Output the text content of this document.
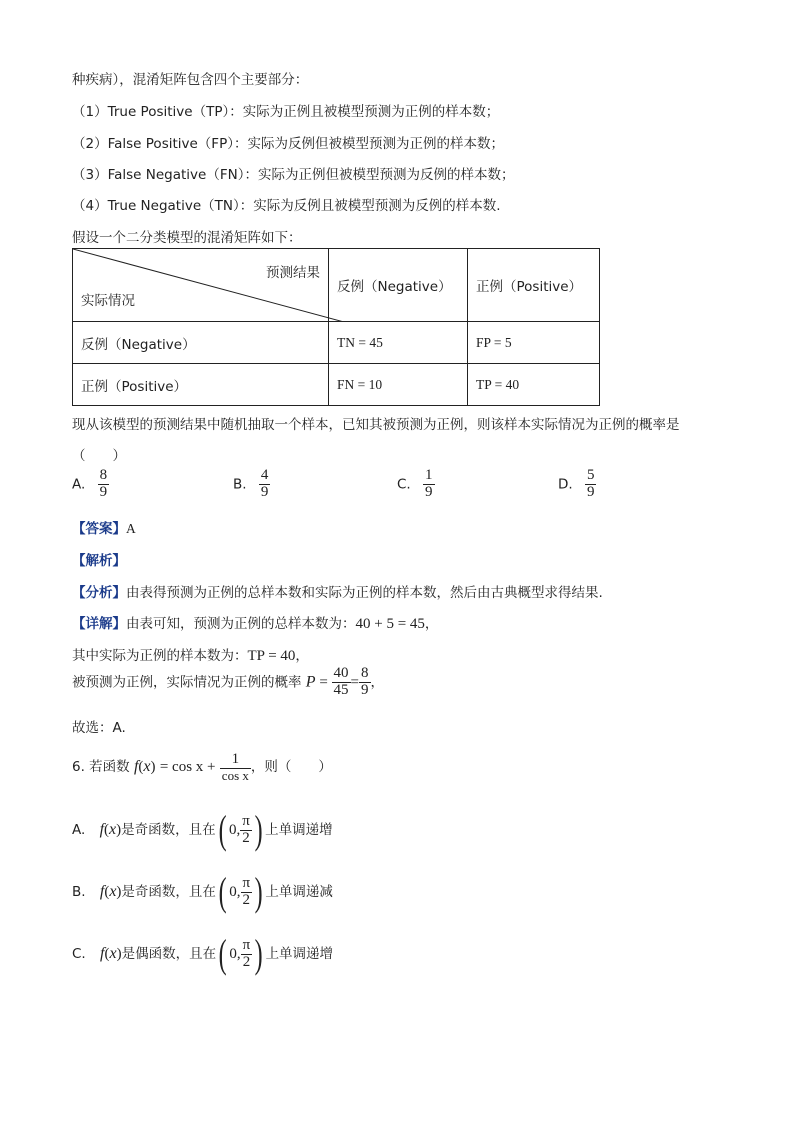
种疾病），混淆矩阵包含四个主要部分：
（1）True Positive（TP）：实际为正例且被模型预测为正例的样本数；
（2）False Positive（FP）：实际为反例但被模型预测为正例的样本数；
（3）False Negative（FN）：实际为正例但被模型预测为反例的样本数；
（4）True Negative（TN）：实际为反例且被模型预测为反例的样本数.
假设一个二分类模型的混淆矩阵如下：
预测结果
实际情况	反例（Negative）	正例（Positive）
反例（Negative）	TN = 45	FP = 5
正例（Positive）	FN = 10	TP = 40
现从该模型的预测结果中随机抽取一个样本，已知其被预测为正例，则该样本实际情况为正例的概率是
（　　）
A. $\frac{8}{9}$	B. $\frac{4}{9}$	C. $\frac{1}{9}$	D. $\frac{5}{9}$
【答案】A
【解析】
【分析】由表得预测为正例的总样本数和实际为正例的样本数，然后由古典概型求得结果.
【详解】由表可知，预测为正例的总样本数为：40 + 5 = 45，
其中实际为正例的样本数为：TP = 40，
被预测为正例，实际情况为正例的概率 $P = \frac{40}{45} = \frac{8}{9}$ ，
故选：A.
6. 若函数 $f(x) = \cos x + \frac{1}{\text{cos x}}$ ，则（　　）
A. f(x)是奇函数，且在( 0, $\frac{\pi}{2}$ ) 上单调递增
B. f(x)是奇函数，且在( 0, $\frac{\pi}{2}$ ) 上单调递减
C. f(x)是偶函数，且在( 0, $\frac{\pi}{2}$ ) 上单调递增
